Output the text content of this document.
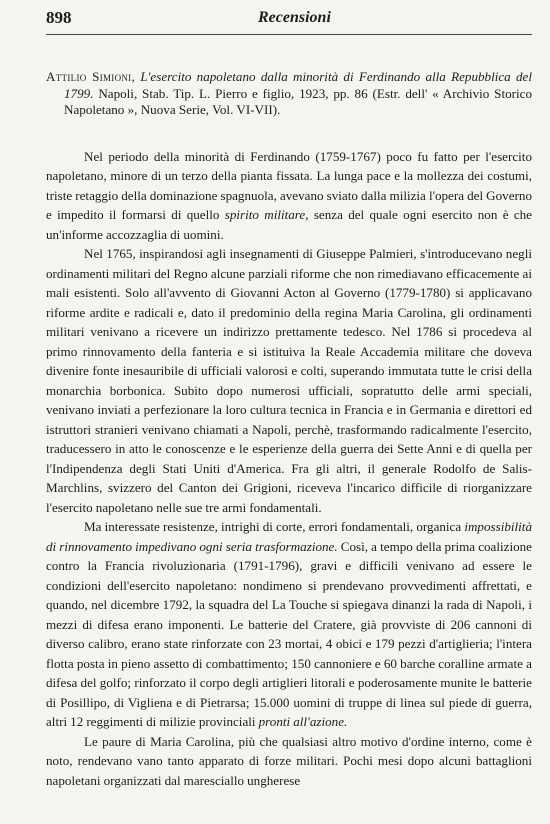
898	Recensioni

Attilio Simioni, L'esercito napoletano dalla minorità di Ferdinando alla Repubblica del 1799. Napoli, Stab. Tip. L. Pierro e figlio, 1923, pp. 86 (Estr. dell' « Archivio Storico Napoletano », Nuova Serie, Vol. VI-VII).

Nel periodo della minorità di Ferdinando (1759-1767) poco fu fatto per l'esercito napoletano, minore di un terzo della pianta fissata. La lunga pace e la mollezza dei costumi, triste retaggio della dominazione spagnuola, avevano sviato dalla milizia l'opera del Governo e impedito il formarsi di quello spirito militare, senza del quale ogni esercito non è che un'informe accozzaglia di uomini.

Nel 1765, inspirandosi agli insegnamenti di Giuseppe Palmieri, s'introducevano negli ordinamenti militari del Regno alcune parziali riforme che non rimediavano efficacemente ai mali esistenti. Solo all'avvento di Giovanni Acton al Governo (1779-1780) si applicavano riforme ardite e radicali e, dato il predominio della regina Maria Carolina, gli ordinamenti militari venivano a ricevere un indirizzo prettamente tedesco. Nel 1786 si procedeva al primo rinnovamento della fanteria e si istituiva la Reale Accademia militare che doveva divenire fonte inesauribile di ufficiali valorosi e colti, superando immutata tutte le crisi della monarchia borbonica. Subito dopo numerosi ufficiali, sopratutto delle armi speciali, venivano inviati a perfezionare la loro cultura tecnica in Francia e in Germania e direttori ed istruttori stranieri venivano chiamati a Napoli, perchè, trasformando radicalmente l'esercito, traducessero in atto le conoscenze e le esperienze della guerra dei Sette Anni e di quella per l'Indipendenza degli Stati Uniti d'America. Fra gli altri, il generale Rodolfo de Salis-Marchlins, svizzero del Canton dei Grigioni, riceveva l'incarico difficile di riorganizzare l'esercito napoletano nelle sue tre armi fondamentali.

Ma interessate resistenze, intrighi di corte, errori fondamentali, organica impossibilità di rinnovamento impedivano ogni seria trasformazione. Così, a tempo della prima coalizione contro la Francia rivoluzionaria (1791-1796), gravi e difficili venivano ad essere le condizioni dell'esercito napoletano: nondimeno si prendevano provvedimenti affrettati, e quando, nel dicembre 1792, la squadra del La Touche si spiegava dinanzi la rada di Napoli, i mezzi di difesa erano imponenti. Le batterie del Cratere, già provviste di 206 cannoni di diverso calibro, erano state rinforzate con 23 mortai, 4 obici e 179 pezzi d'artiglieria; l'intera flotta posta in pieno assetto di combattimento; 150 cannoniere e 60 barche coralline armate a difesa del golfo; rinforzato il corpo degli artiglieri litorali e poderosamente munite le batterie di Posillipo, di Vigliena e di Pietrarsa; 15.000 uomini di truppe di linea sul piede di guerra, altri 12 reggimenti di milizie provinciali pronti all'azione.

Le paure di Maria Carolina, più che qualsiasi altro motivo d'ordine interno, come è noto, rendevano vano tanto apparato di forze militari. Pochi mesi dopo alcuni battaglioni napoletani organizzati dal maresciallo ungherese
